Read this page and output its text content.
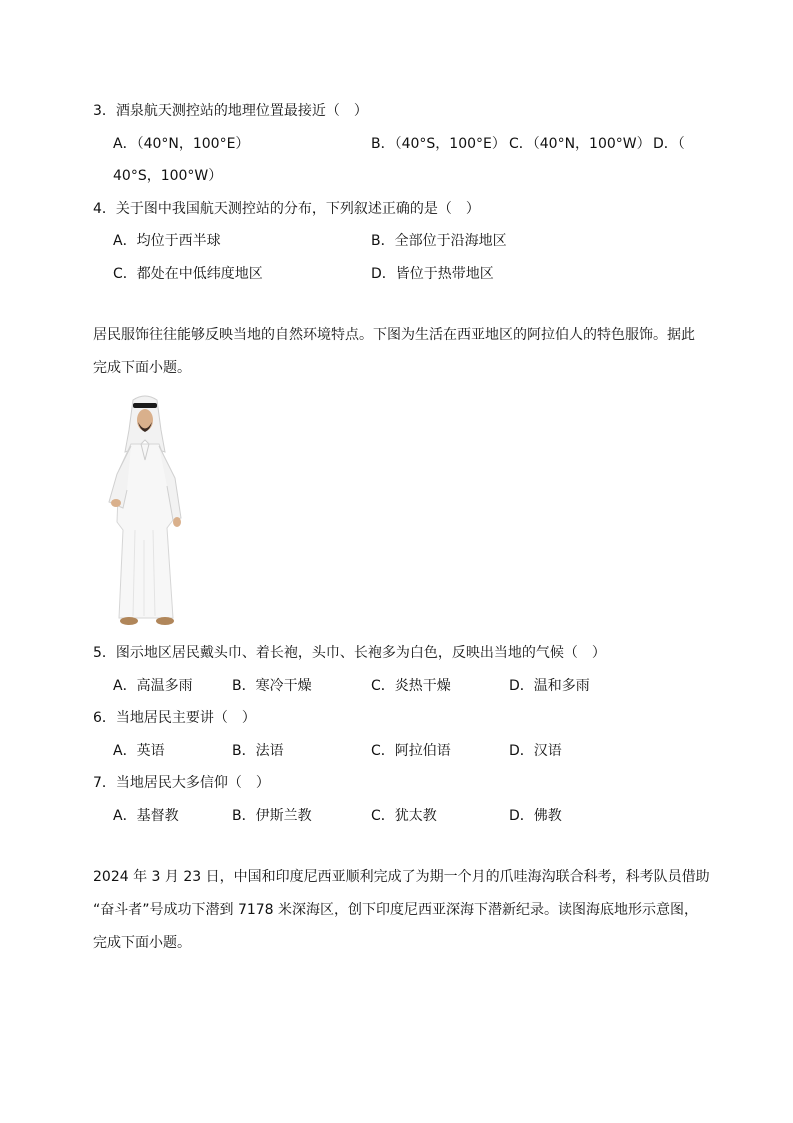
3．酒泉航天测控站的地理位置最接近（　）
A．（40°N，100°E）	B．（40°S，100°E） C．（40°N，100°W） D．（
40°S，100°W）
4．关于图中我国航天测控站的分布，下列叙述正确的是（　）
A．均位于西半球	B．全部位于沿海地区
C．都处在中低纬度地区	D．皆位于热带地区
居民服饰往往能够反映当地的自然环境特点。下图为生活在西亚地区的阿拉伯人的特色服饰。据此
完成下面小题。
5．图示地区居民戴头巾、着长袍，头巾、长袍多为白色，反映出当地的气候（　）
A．高温多雨	B．寒冷干燥	C．炎热干燥	D．温和多雨
6．当地居民主要讲（　）
A．英语	B．法语	C．阿拉伯语	D．汉语
7．当地居民大多信仰（　）
A．基督教	B．伊斯兰教	C．犹太教	D．佛教
2024 年 3 月 23 日，中国和印度尼西亚顺利完成了为期一个月的爪哇海沟联合科考，科考队员借助
“奋斗者”号成功下潜到 7178 米深海区，创下印度尼西亚深海下潜新纪录。读图海底地形示意图，
完成下面小题。
